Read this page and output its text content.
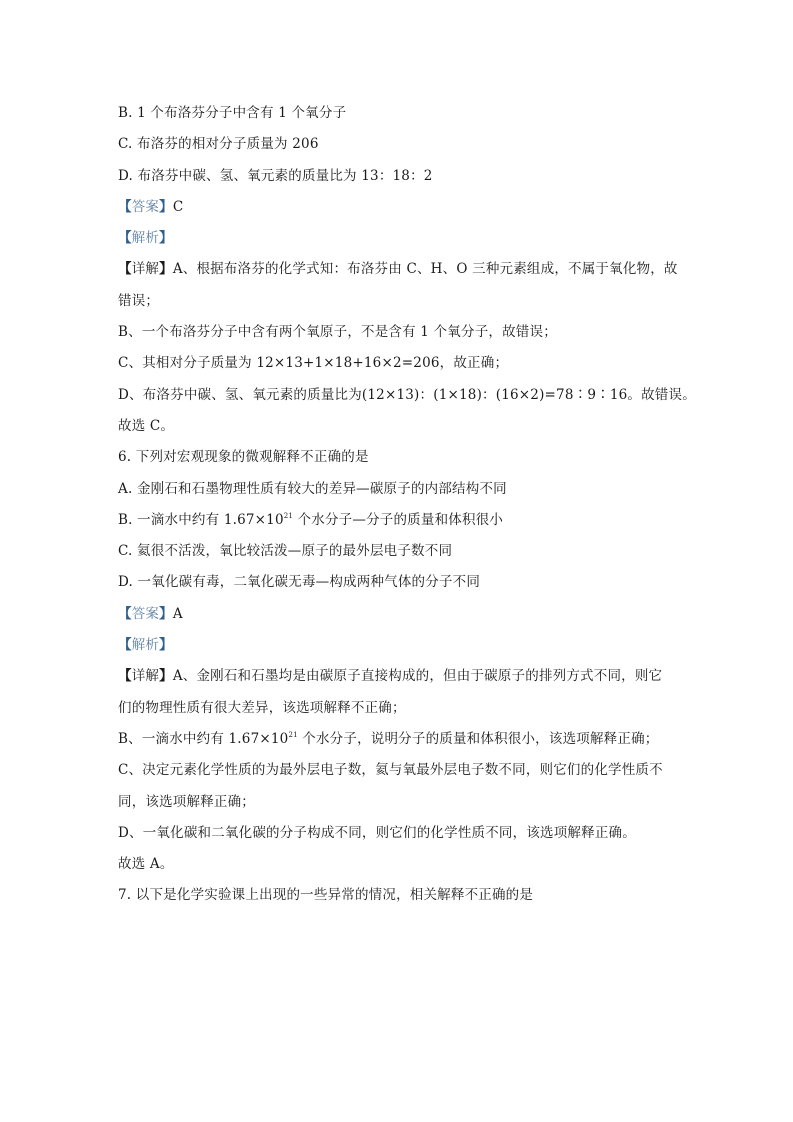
B. 1 个布洛芬分子中含有 1 个氧分子
C. 布洛芬的相对分子质量为 206
D. 布洛芬中碳、氢、氧元素的质量比为 13：18：2
【答案】C
【解析】
【详解】A、根据布洛芬的化学式知：布洛芬由 C、H、O 三种元素组成，不属于氧化物，故
错误；
B、一个布洛芬分子中含有两个氧原子，不是含有 1 个氧分子，故错误；
C、其相对分子质量为 12×13+1×18+16×2=206，故正确；
D、布洛芬中碳、氢、氧元素的质量比为(12×13)：(1×18)：(16×2)=78∶9∶16。故错误。
故选 C。
6. 下列对宏观现象的微观解释不正确的是
A. 金刚石和石墨物理性质有较大的差异—碳原子的内部结构不同
B. 一滴水中约有 $1.67\times 10^{21}$ 个水分子—分子的质量和体积很小
C. 氦很不活泼，氧比较活泼—原子的最外层电子数不同
D. 一氧化碳有毒，二氧化碳无毒—构成两种气体的分子不同
【答案】A
【解析】
【详解】A、金刚石和石墨均是由碳原子直接构成的，但由于碳原子的排列方式不同，则它
们的物理性质有很大差异，该选项解释不正确；
B、一滴水中约有 $1.67\times 10^{21}$ 个水分子，说明分子的质量和体积很小，该选项解释正确；
C、决定元素化学性质的为最外层电子数，氦与氧最外层电子数不同，则它们的化学性质不
同，该选项解释正确；
D、一氧化碳和二氧化碳的分子构成不同，则它们的化学性质不同，该选项解释正确。
故选 A。
7. 以下是化学实验课上出现的一些异常的情况，相关解释不正确的是
